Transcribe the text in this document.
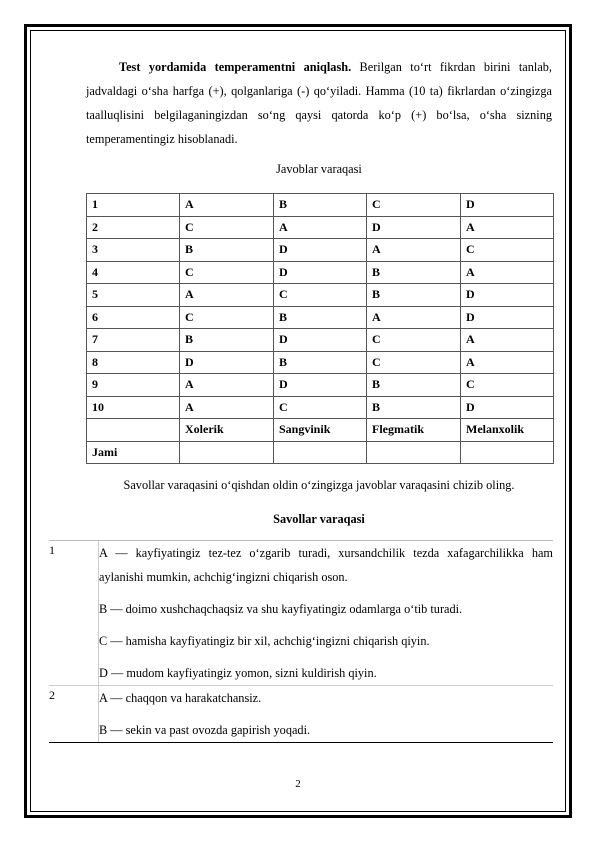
Test yordamida temperamentni aniqlash. Berilgan to‘rt fikrdan birini tanlab, jadvaldagi o‘sha harfga (+), qolganlariga (-) qo‘yiladi. Hamma (10 ta) fikrlardan o‘zingizga taalluqlisini belgilaganingizdan so‘ng qaysi qatorda ko‘p (+) bo‘lsa, o‘sha sizning temperamentingiz hisoblanadi.

Javoblar varaqasi

1	A	B	C	D
2	C	A	D	A
3	B	D	A	C
4	C	D	B	A
5	A	C	B	D
6	C	B	A	D
7	B	D	C	A
8	D	B	C	A
9	A	D	B	C
10	A	C	B	D
	Xolerik	Sangvinik	Flegmatik	Melanxolik
Jami				

Savollar varaqasini o‘qishdan oldin o‘zingizga javoblar varaqasini chizib oling.

Savollar varaqasi

1	A — kayfiyatingiz tez-tez o‘zgarib turadi, xursandchilik tezda xafagarchilikka ham aylanishi mumkin, achchig‘ingizni chiqarish oson.

B — doimo xushchaqchaqsiz va shu kayfiyatingiz odamlarga o‘tib turadi.

C — hamisha kayfiyatingiz bir xil, achchig‘ingizni chiqarish qiyin.

D — mudom kayfiyatingiz yomon, sizni kuldirish qiyin.

2	A — chaqqon va harakatchansiz.

B — sekin va past ovozda gapirish yoqadi.

2
